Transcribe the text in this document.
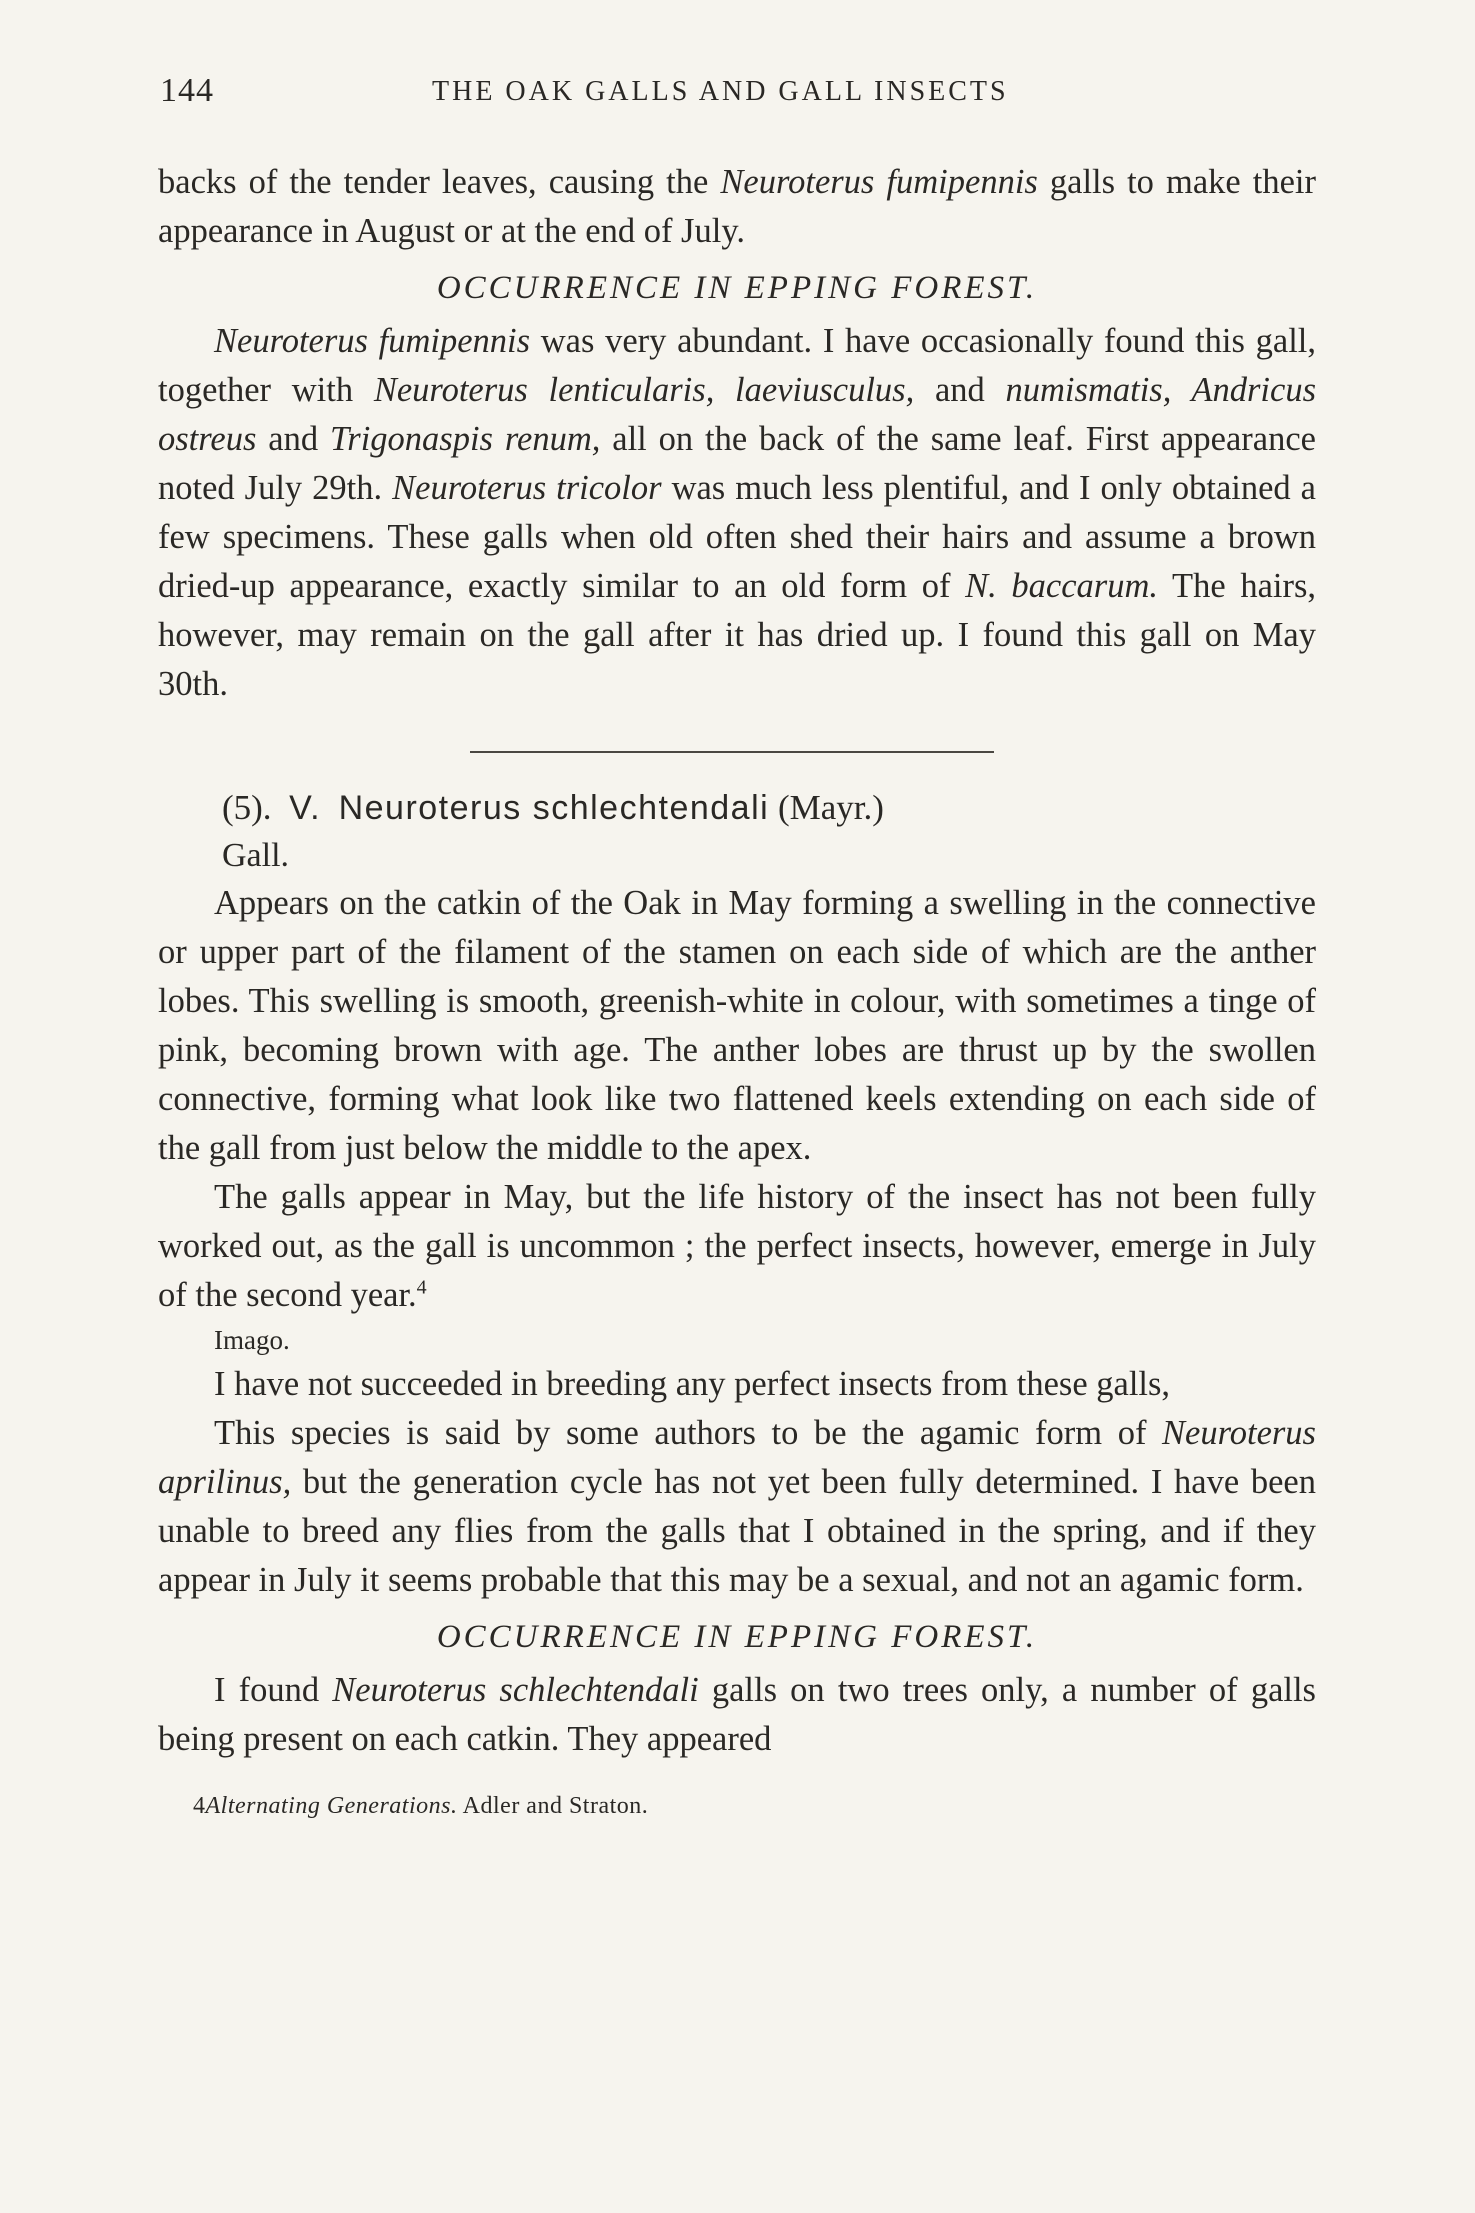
144	THE OAK GALLS AND GALL INSECTS

backs of the tender leaves, causing the Neuroterus fumipennis galls to make their appearance in August or at the end of July.

OCCURRENCE IN EPPING FOREST.

Neuroterus fumipennis was very abundant. I have occasionally found this gall, together with Neuroterus lenticularis, laeviusculus, and numismatis, Andricus ostreus and Trigonaspis renum, all on the back of the same leaf. First appearance noted July 29th. Neuroterus tricolor was much less plentiful, and I only obtained a few specimens. These galls when old often shed their hairs and assume a brown dried-up appearance, exactly similar to an old form of N. baccarum. The hairs, however, may remain on the gall after it has dried up. I found this gall on May 30th.

(5). V. Neuroterus schlechtendali (Mayr.)

Gall.

Appears on the catkin of the Oak in May forming a swelling in the connective or upper part of the filament of the stamen on each side of which are the anther lobes. This swelling is smooth, greenish-white in colour, with sometimes a tinge of pink, becoming brown with age. The anther lobes are thrust up by the swollen connective, forming what look like two flattened keels extending on each side of the gall from just below the middle to the apex.

The galls appear in May, but the life history of the insect has not been fully worked out, as the gall is uncommon ; the perfect insects, however, emerge in July of the second year.$^4$

Imago.

I have not succeeded in breeding any perfect insects from these galls,

This species is said by some authors to be the agamic form of Neuroterus aprilinus, but the generation cycle has not yet been fully determined. I have been unable to breed any flies from the galls that I obtained in the spring, and if they appear in July it seems probable that this may be a sexual, and not an agamic form.

OCCURRENCE IN EPPING FOREST.

I found Neuroterus schlechtendali galls on two trees only, a number of galls being present on each catkin. They appeared

4Alternating Generations. Adler and Straton.
